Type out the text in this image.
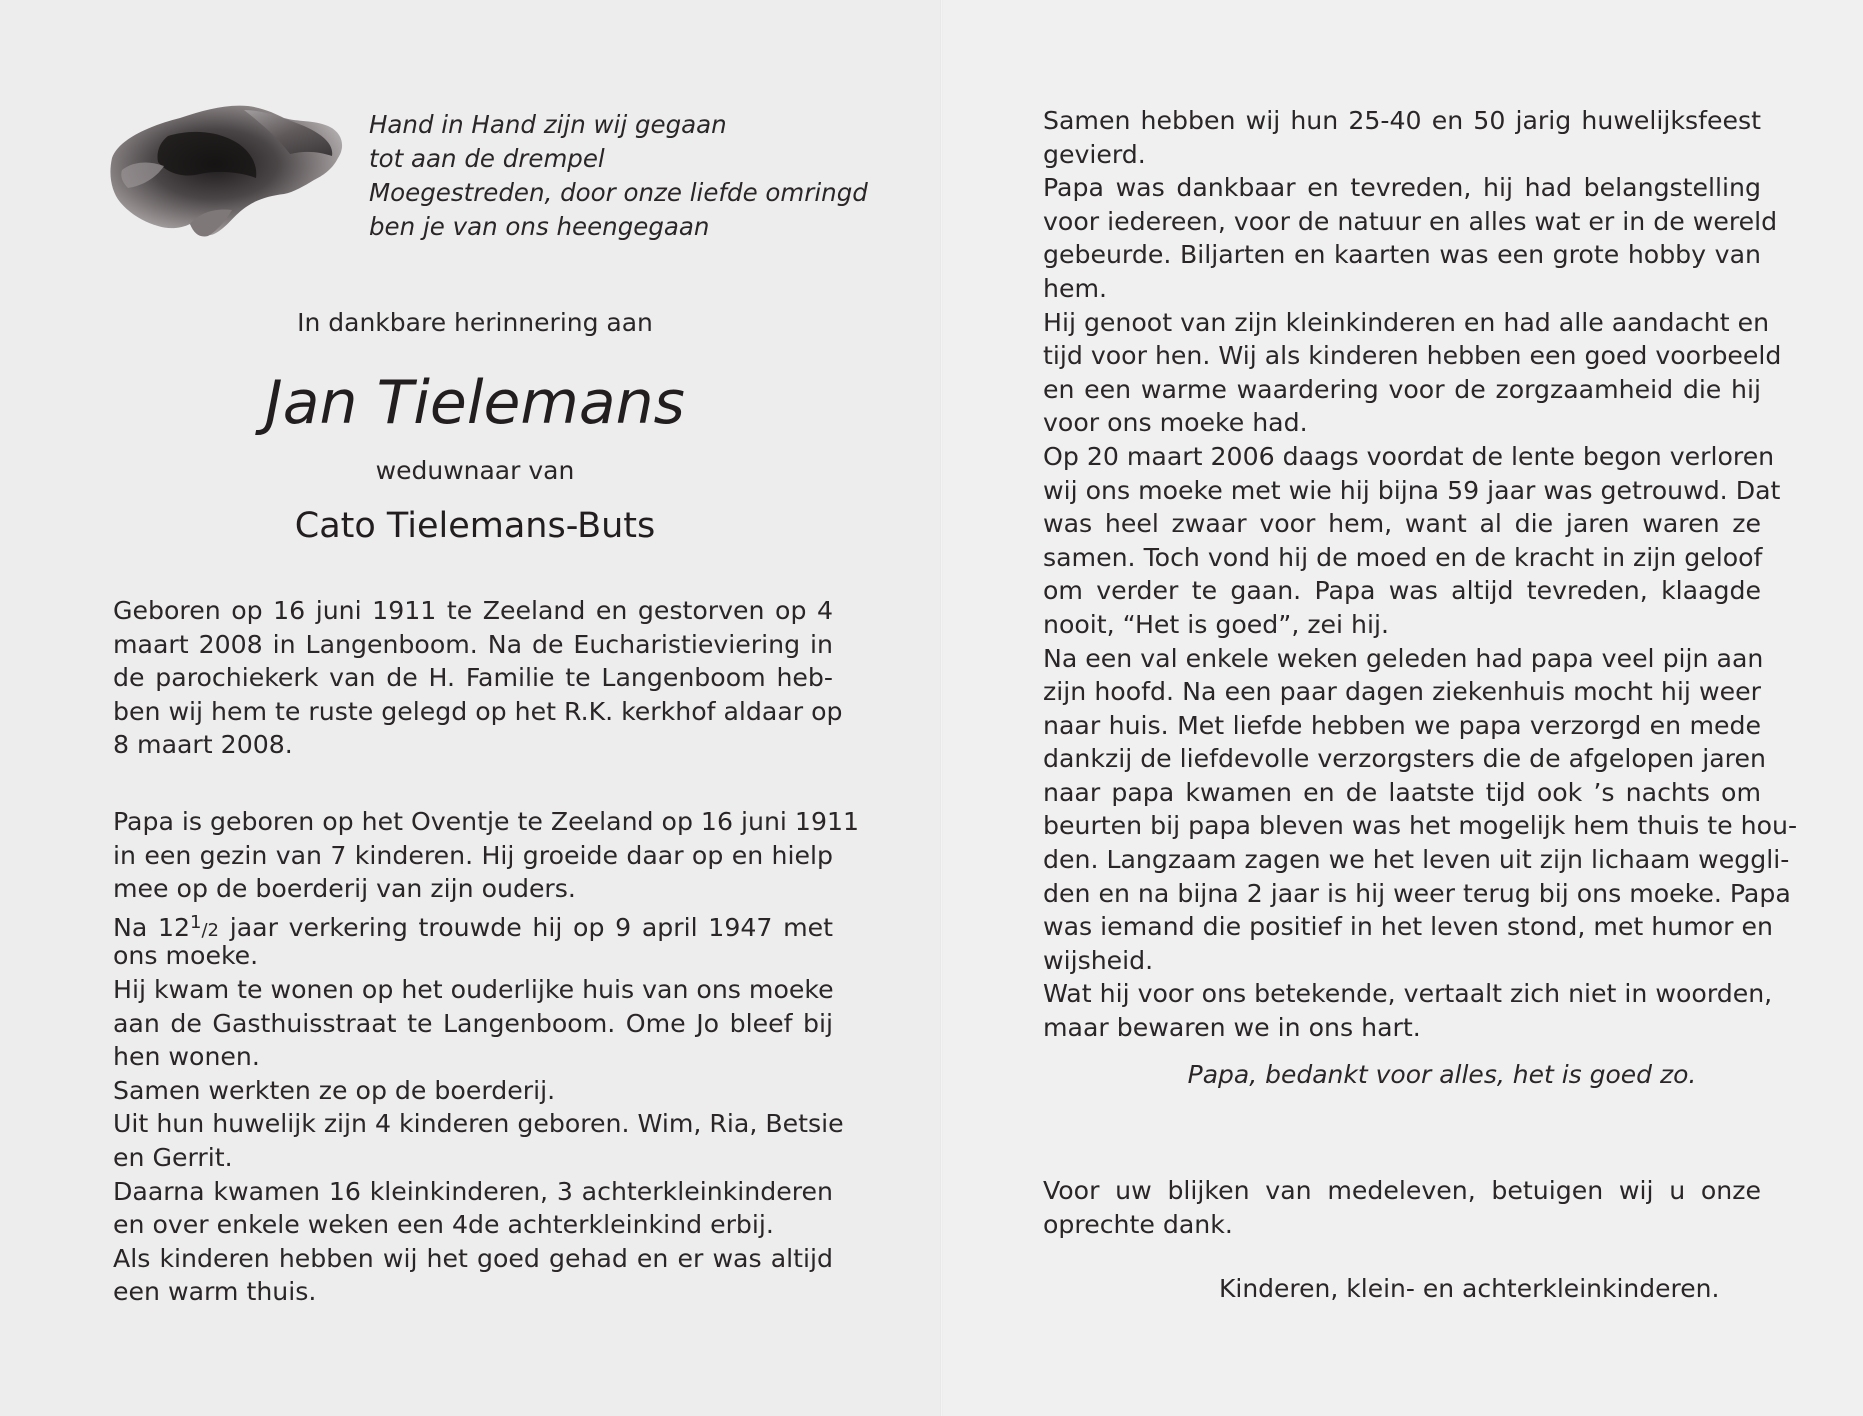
Hand in Hand zijn wij gegaan
tot aan de drempel
Moegestreden, door onze liefde omringd
ben je van ons heengegaan
In dankbare herinnering aan
Jan Tielemans
weduwnaar van
Cato Tielemans-Buts
Geboren op 16 juni 1911 te Zeeland en gestorven op 4
maart 2008 in Langenboom. Na de Eucharistieviering in
de parochiekerk van de H. Familie te Langenboom heb-
ben wij hem te ruste gelegd op het R.K. kerkhof aldaar op
8 maart 2008.
Papa is geboren op het Oventje te Zeeland op 16 juni 1911
in een gezin van 7 kinderen. Hij groeide daar op en hielp
mee op de boerderij van zijn ouders.
Na $12^1/2$ jaar verkering trouwde hij op 9 april 1947 met
ons moeke.
Hij kwam te wonen op het ouderlijke huis van ons moeke
aan de Gasthuisstraat te Langenboom. Ome Jo bleef bij
hen wonen.
Samen werkten ze op de boerderij.
Uit hun huwelijk zijn 4 kinderen geboren. Wim, Ria, Betsie
en Gerrit.
Daarna kwamen 16 kleinkinderen, 3 achterkleinkinderen
en over enkele weken een 4de achterkleinkind erbij.
Als kinderen hebben wij het goed gehad en er was altijd
een warm thuis.
Samen hebben wij hun 25-40 en 50 jarig huwelijksfeest
gevierd.
Papa was dankbaar en tevreden, hij had belangstelling
voor iedereen, voor de natuur en alles wat er in de wereld
gebeurde. Biljarten en kaarten was een grote hobby van
hem.
Hij genoot van zijn kleinkinderen en had alle aandacht en
tijd voor hen. Wij als kinderen hebben een goed voorbeeld
en een warme waardering voor de zorgzaamheid die hij
voor ons moeke had.
Op 20 maart 2006 daags voordat de lente begon verloren
wij ons moeke met wie hij bijna 59 jaar was getrouwd. Dat
was heel zwaar voor hem, want al die jaren waren ze
samen. Toch vond hij de moed en de kracht in zijn geloof
om verder te gaan. Papa was altijd tevreden, klaagde
nooit, “Het is goed”, zei hij.
Na een val enkele weken geleden had papa veel pijn aan
zijn hoofd. Na een paar dagen ziekenhuis mocht hij weer
naar huis. Met liefde hebben we papa verzorgd en mede
dankzij de liefdevolle verzorgsters die de afgelopen jaren
naar papa kwamen en de laatste tijd ook ’s nachts om
beurten bij papa bleven was het mogelijk hem thuis te hou-
den. Langzaam zagen we het leven uit zijn lichaam weggli-
den en na bijna 2 jaar is hij weer terug bij ons moeke. Papa
was iemand die positief in het leven stond, met humor en
wijsheid.
Wat hij voor ons betekende, vertaalt zich niet in woorden,
maar bewaren we in ons hart.
Papa, bedankt voor alles, het is goed zo.
Voor uw blijken van medeleven, betuigen wij u onze
oprechte dank.
Kinderen, klein- en achterkleinkinderen.
